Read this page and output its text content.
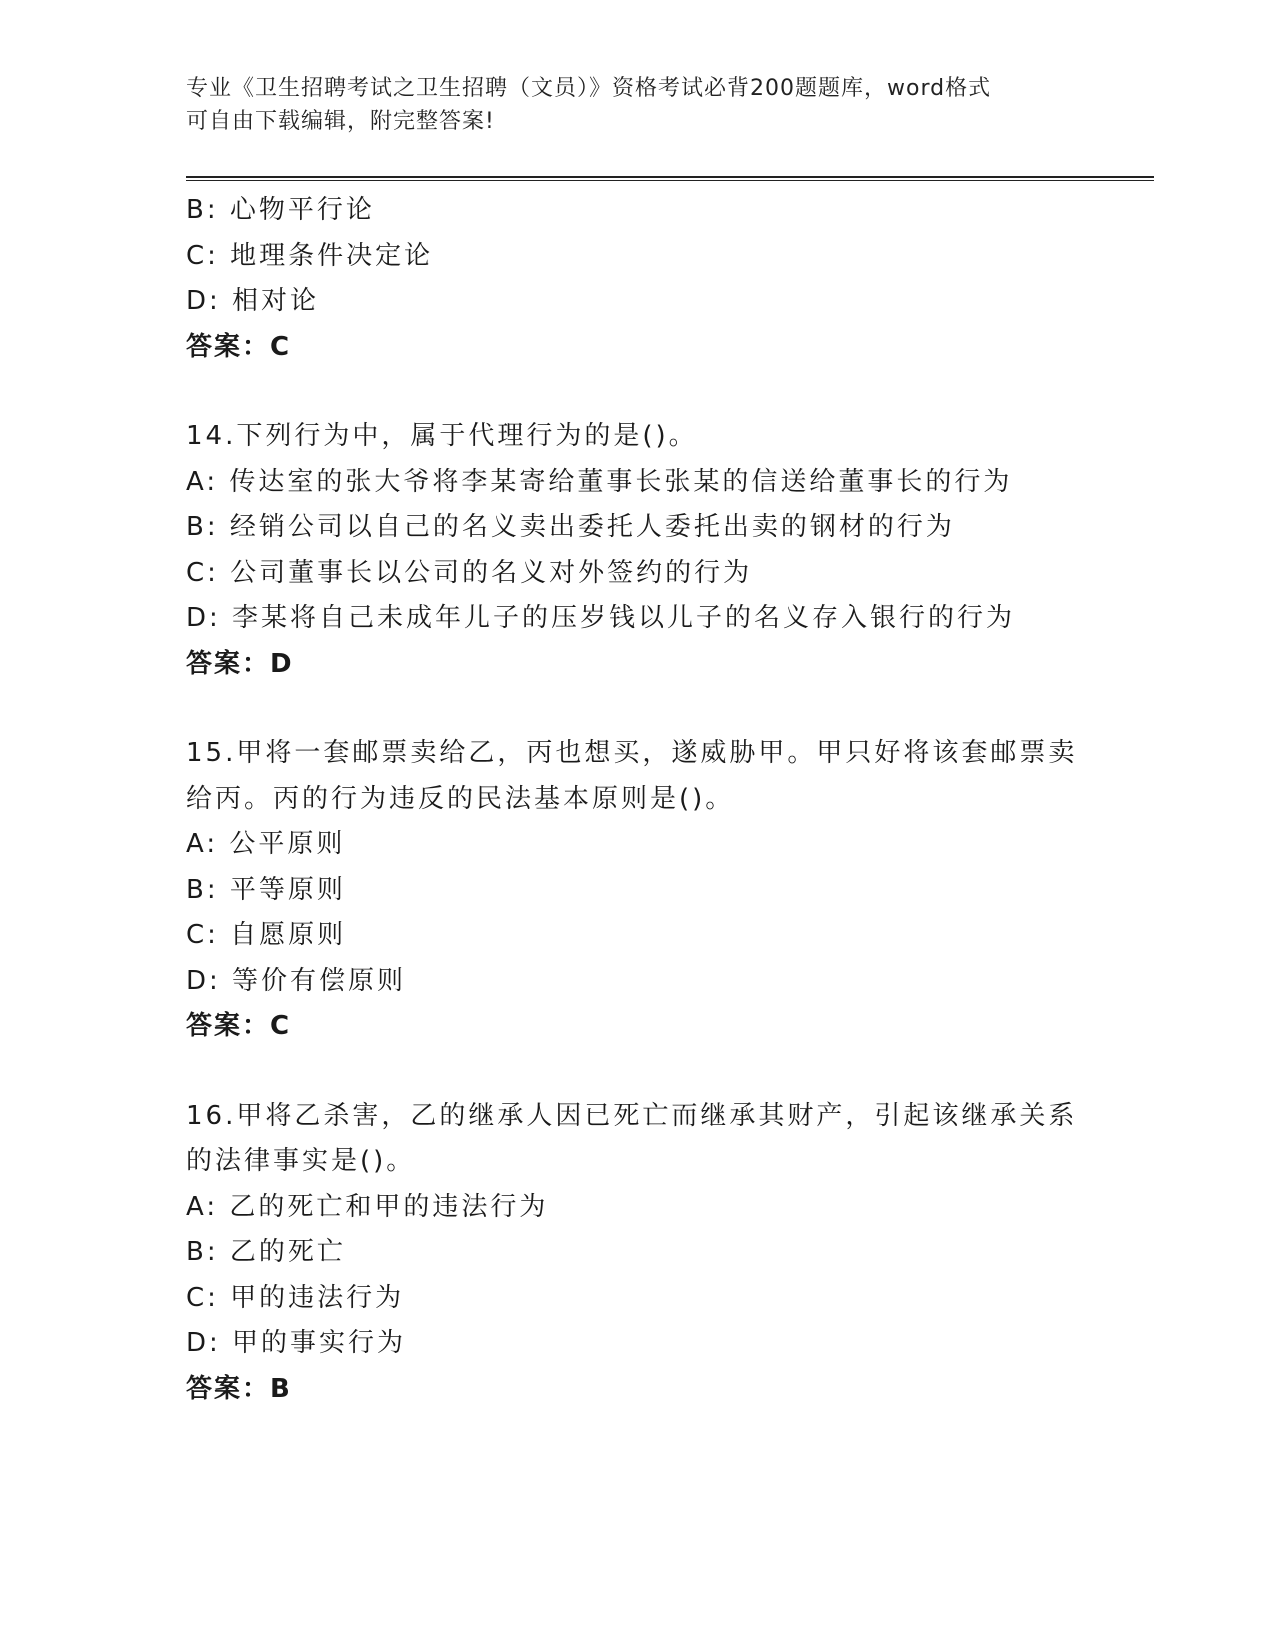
专业《卫生招聘考试之卫生招聘（文员）》资格考试必背200题题库，word格式
可自由下载编辑，附完整答案!
B: 心物平行论
C: 地理条件决定论
D: 相对论
答案：C
14.下列行为中，属于代理行为的是()。
A: 传达室的张大爷将李某寄给董事长张某的信送给董事长的行为
B: 经销公司以自己的名义卖出委托人委托出卖的钢材的行为
C: 公司董事长以公司的名义对外签约的行为
D: 李某将自己未成年儿子的压岁钱以儿子的名义存入银行的行为
答案：D
15.甲将一套邮票卖给乙，丙也想买，遂威胁甲。甲只好将该套邮票卖
给丙。丙的行为违反的民法基本原则是()。
A: 公平原则
B: 平等原则
C: 自愿原则
D: 等价有偿原则
答案：C
16.甲将乙杀害，乙的继承人因已死亡而继承其财产，引起该继承关系
的法律事实是()。
A: 乙的死亡和甲的违法行为
B: 乙的死亡
C: 甲的违法行为
D: 甲的事实行为
答案：B
